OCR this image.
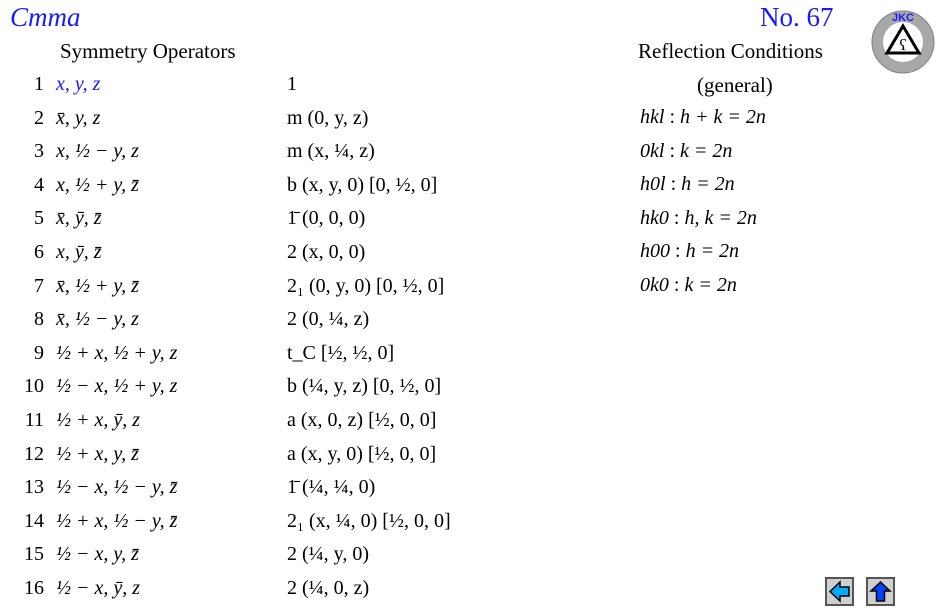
Cmma	No. 67
Symmetry Operators	Reflection Conditions
(general)
ʕ
JKC
1 x, y, z	1
2 x̄, y, z	m (0, y, z)
3 x, ½ − y, z	m (x, ¼, z)
4 x, ½ + y, z̄	b (x, y, 0) [0, ½, 0]
5 x̄, ȳ, z̄	1̄ (0, 0, 0)
6 x, ȳ, z̄	2 (x, 0, 0)
7 x̄, ½ + y, z̄	2₁ (0, y, 0) [0, ½, 0]
8 x̄, ½ − y, z	2 (0, ¼, z)
9 ½ + x, ½ + y, z	t_C [½, ½, 0]
10 ½ − x, ½ + y, z	b (¼, y, z) [0, ½, 0]
11 ½ + x, ȳ, z	a (x, 0, z) [½, 0, 0]
12 ½ + x, y, z̄	a (x, y, 0) [½, 0, 0]
13 ½ − x, ½ − y, z̄	1̄ (¼, ¼, 0)
14 ½ + x, ½ − y, z̄	2₁ (x, ¼, 0) [½, 0, 0]
15 ½ − x, y, z̄	2 (¼, y, 0)
16 ½ − x, ȳ, z	2 (¼, 0, z)
hkl : h + k = 2n
0kl : k = 2n
h0l : h = 2n
hk0 : h, k = 2n
h00 : h = 2n
0k0 : k = 2n
